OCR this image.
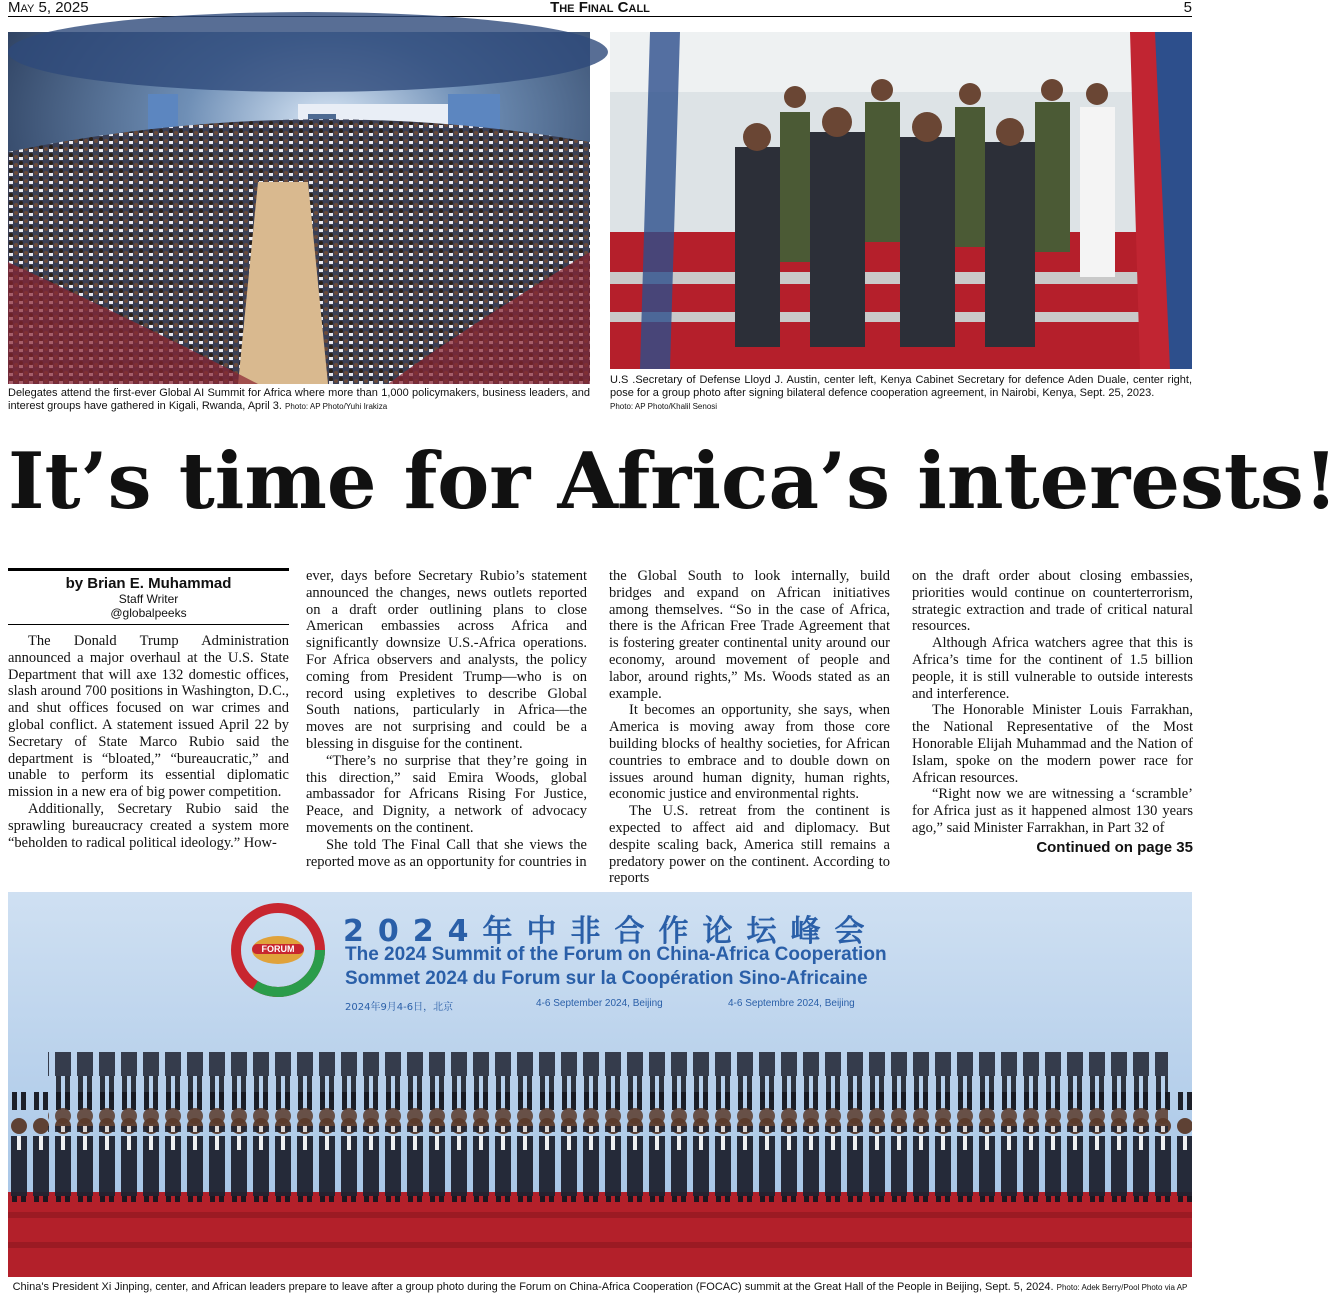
May 5, 2025	The Final Call	5
Delegates attend the first-ever Global AI Summit for Africa where more than 1,000 policymakers, business leaders, and interest groups have gathered in Kigali, Rwanda, April 3. Photo: AP Photo/Yuhi Irakiza
U.S .Secretary of Defense Lloyd J. Austin, center left, Kenya Cabinet Secretary for defence Aden Duale, center right, pose for a group photo after signing bilateral defence cooperation agreement, in Nairobi, Kenya, Sept. 25, 2023.
Photo: AP Photo/Khalil Senosi
It’s time for Africa’s interests!
by Brian E. Muhammad
Staff Writer
@globalpeeks

The Donald Trump Administration announced a major overhaul at the U.S. State Department that will axe 132 domestic offices, slash around 700 positions in Washington, D.C., and shut offices focused on war crimes and global conflict. A statement issued April 22 by Secretary of State Marco Rubio said the department is “bloated,” “bureaucratic,” and unable to perform its essential diplomatic mission in a new era of big power competition.

Additionally, Secretary Rubio said the sprawling bureaucracy created a system more “beholden to radical political ideology.” How-

ever, days before Secretary Rubio’s statement announced the changes, news outlets reported on a draft order outlining plans to close American embassies across Africa and significantly downsize U.S.-Africa operations. For Africa observers and analysts, the policy coming from President Trump—who is on record using expletives to describe Global South nations, particularly in Africa—the moves are not surprising and could be a blessing in disguise for the continent.

“There’s no surprise that they’re going in this direction,” said Emira Woods, global ambassador for Africans Rising For Justice, Peace, and Dignity, a network of advocacy movements on the continent.

She told The Final Call that she views the reported move as an opportunity for countries in

the Global South to look internally, build bridges and expand on African initiatives among themselves. “So in the case of Africa, there is the African Free Trade Agreement that is fostering greater continental unity around our economy, around movement of people and labor, around rights,” Ms. Woods stated as an example.

It becomes an opportunity, she says, when America is moving away from those core building blocks of healthy societies, for African countries to embrace and to double down on issues around human dignity, human rights, economic justice and environmental rights.

The U.S. retreat from the continent is expected to affect aid and diplomacy. But despite scaling back, America still remains a predatory power on the continent. According to reports

on the draft order about closing embassies, priorities would continue on counterterrorism, strategic extraction and trade of critical natural resources.

Although Africa watchers agree that this is Africa’s time for the continent of 1.5 billion people, it is still vulnerable to outside interests and interference.

The Honorable Minister Louis Farrakhan, the National Representative of the Most Honorable Elijah Muhammad and the Nation of Islam, spoke on the modern power race for African resources.

“Right now we are witnessing a ‘scramble’ for Africa just as it happened almost 130 years ago,” said Minister Farrakhan, in Part 32 of

Continued on page 35
2024年中非合作论坛峰会
The 2024 Summit of the Forum on China-Africa Cooperation
Sommet 2024 du Forum sur la Coopération Sino-Africaine
2024年9月4-6日，北京	4-6 September 2024, Beijing	4-6 Septembre 2024, Beijing
FORUM
China's President Xi Jinping, center, and African leaders prepare to leave after a group photo during the Forum on China-Africa Cooperation (FOCAC) summit at the Great Hall of the People in Beijing, Sept. 5, 2024. Photo: Adek Berry/Pool Photo via AP
